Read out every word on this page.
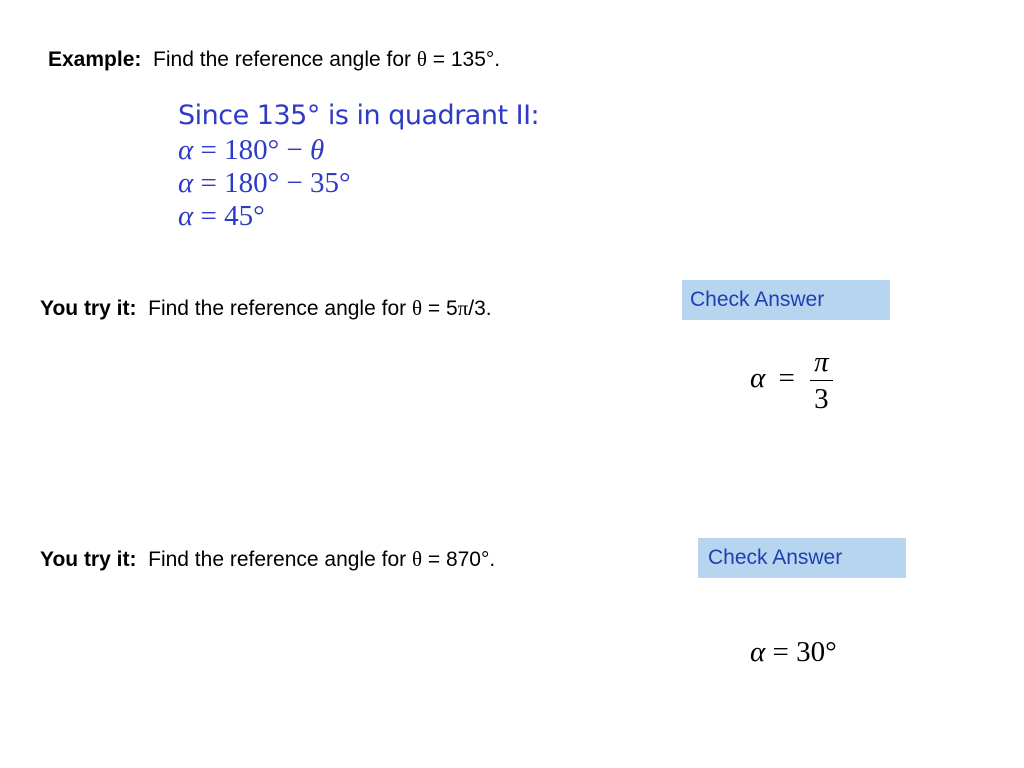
Example: Find the reference angle for θ = 135°.
Since 135° is in quadrant II:
α = 180° − θ
α = 180° − 35°
α = 45°
You try it: Find the reference angle for θ = 5π/3.	Check Answer
$\alpha = \frac{\pi}{3}$
You try it: Find the reference angle for θ = 870°.	Check Answer
α = 30°
